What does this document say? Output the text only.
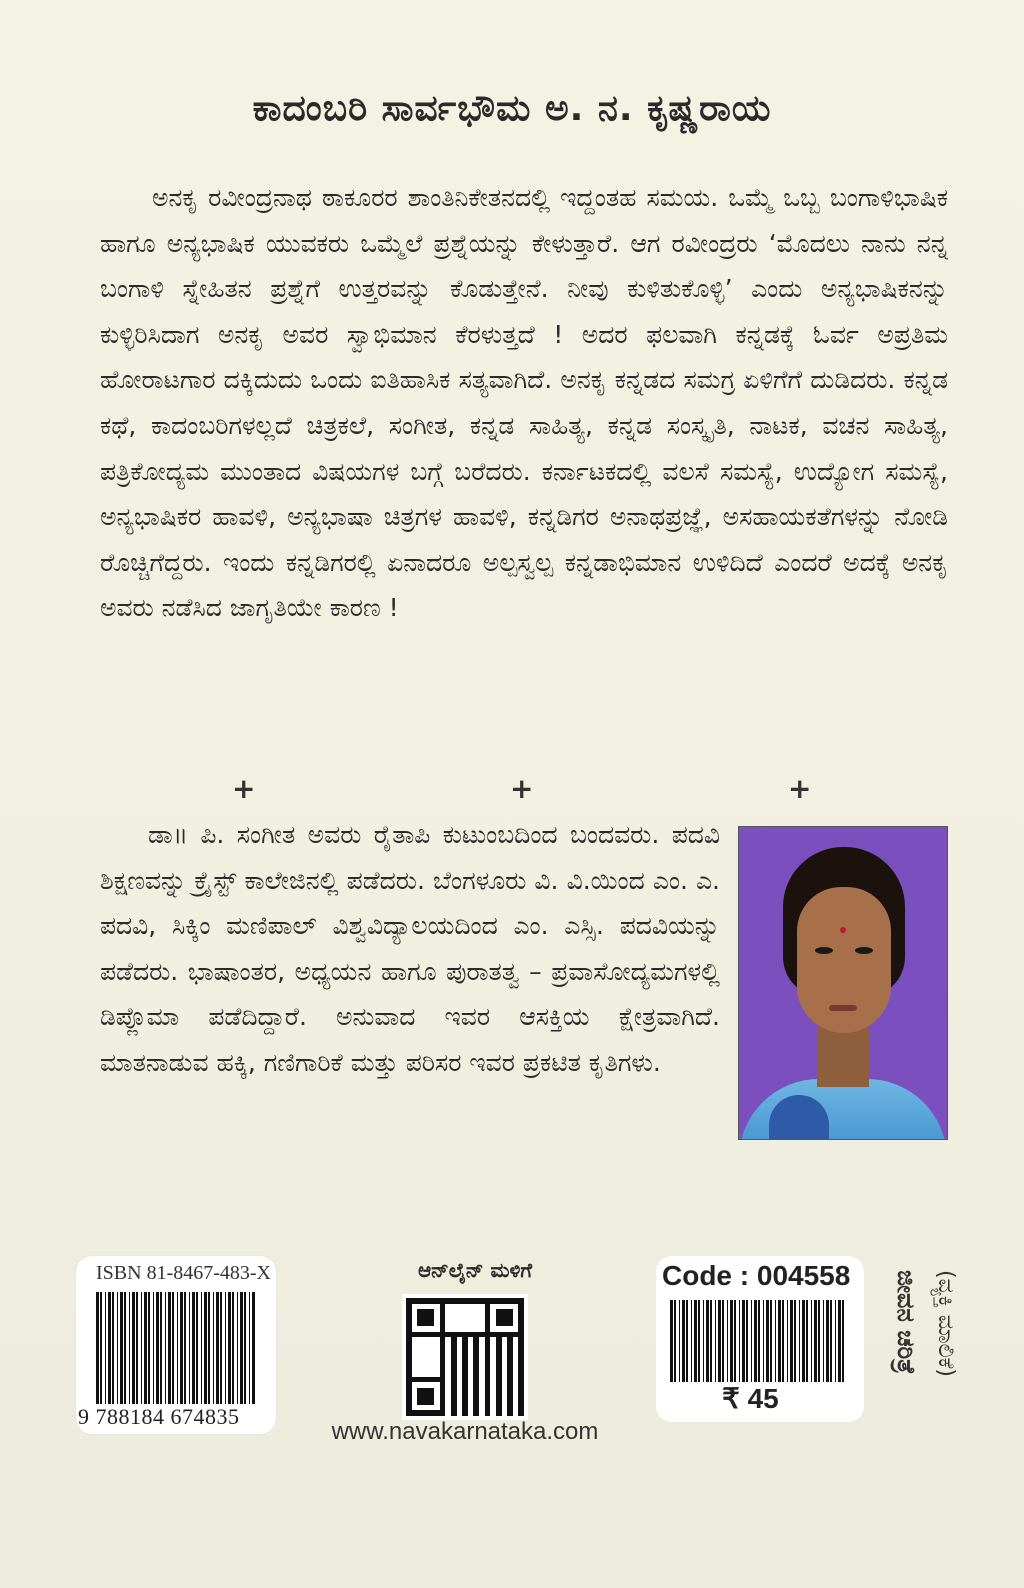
ಕಾದಂಬರಿ ಸಾರ್ವಭೌಮ ಅ. ನ. ಕೃಷ್ಣರಾಯ

ಅನಕೃ ರವೀಂದ್ರನಾಥ ಠಾಕೂರರ ಶಾಂತಿನಿಕೇತನದಲ್ಲಿ ಇದ್ದಂತಹ ಸಮಯ. ಒಮ್ಮೆ ಒಬ್ಬ ಬಂಗಾಳಿಭಾಷಿಕ ಹಾಗೂ ಅನ್ಯಭಾಷಿಕ ಯುವಕರು ಒಮ್ಮೆಲೆ ಪ್ರಶ್ನೆಯನ್ನು ಕೇಳುತ್ತಾರೆ. ಆಗ ರವೀಂದ್ರರು ‘ಮೊದಲು ನಾನು ನನ್ನ ಬಂಗಾಳಿ ಸ್ನೇಹಿತನ ಪ್ರಶ್ನೆಗೆ ಉತ್ತರವನ್ನು ಕೊಡುತ್ತೇನೆ. ನೀವು ಕುಳಿತುಕೊಳ್ಳಿ’ ಎಂದು ಅನ್ಯಭಾಷಿಕನನ್ನು ಕುಳ್ಳಿರಿಸಿದಾಗ ಅನಕೃ ಅವರ ಸ್ವಾಭಿಮಾನ ಕೆರಳುತ್ತದೆ ! ಅದರ ಫಲವಾಗಿ ಕನ್ನಡಕ್ಕೆ ಓರ್ವ ಅಪ್ರತಿಮ ಹೋರಾಟಗಾರ ದಕ್ಕಿದುದು ಒಂದು ಐತಿಹಾಸಿಕ ಸತ್ಯವಾಗಿದೆ. ಅನಕೃ ಕನ್ನಡದ ಸಮಗ್ರ ಏಳಿಗೆಗೆ ದುಡಿದರು. ಕನ್ನಡ ಕಥೆ, ಕಾದಂಬರಿಗಳಲ್ಲದೆ ಚಿತ್ರಕಲೆ, ಸಂಗೀತ, ಕನ್ನಡ ಸಾಹಿತ್ಯ, ಕನ್ನಡ ಸಂಸ್ಕೃತಿ, ನಾಟಕ, ವಚನ ಸಾಹಿತ್ಯ, ಪತ್ರಿಕೋದ್ಯಮ ಮುಂತಾದ ವಿಷಯಗಳ ಬಗ್ಗೆ ಬರೆದರು. ಕರ್ನಾಟಕದಲ್ಲಿ ವಲಸೆ ಸಮಸ್ಯೆ, ಉದ್ಯೋಗ ಸಮಸ್ಯೆ, ಅನ್ಯಭಾಷಿಕರ ಹಾವಳಿ, ಅನ್ಯಭಾಷಾ ಚಿತ್ರಗಳ ಹಾವಳಿ, ಕನ್ನಡಿಗರ ಅನಾಥಪ್ರಜ್ಞೆ, ಅಸಹಾಯಕತೆಗಳನ್ನು ನೋಡಿ ರೊಚ್ಚಿಗೆದ್ದರು. ಇಂದು ಕನ್ನಡಿಗರಲ್ಲಿ ಏನಾದರೂ ಅಲ್ಪಸ್ವಲ್ಪ ಕನ್ನಡಾಭಿಮಾನ ಉಳಿದಿದೆ ಎಂದರೆ ಅದಕ್ಕೆ ಅನಕೃ ಅವರು ನಡೆಸಿದ ಜಾಗೃತಿಯೇ ಕಾರಣ !

+	+	+

ಡಾ॥ ಪಿ. ಸಂಗೀತ ಅವರು ರೈತಾಪಿ ಕುಟುಂಬದಿಂದ ಬಂದವರು. ಪದವಿ ಶಿಕ್ಷಣವನ್ನು ಕ್ರೈಸ್ಟ್ ಕಾಲೇಜಿನಲ್ಲಿ ಪಡೆದರು. ಬೆಂಗಳೂರು ವಿ. ವಿ.ಯಿಂದ ಎಂ. ಎ. ಪದವಿ, ಸಿಕ್ಕಿಂ ಮಣಿಪಾಲ್ ವಿಶ್ವವಿದ್ಯಾಲಯದಿಂದ ಎಂ. ಎಸ್ಸಿ. ಪದವಿಯನ್ನು ಪಡೆದರು. ಭಾಷಾಂತರ, ಅಧ್ಯಯನ ಹಾಗೂ ಪುರಾತತ್ವ – ಪ್ರವಾಸೋದ್ಯಮಗಳಲ್ಲಿ ಡಿಪ್ಲೊಮಾ ಪಡೆದಿದ್ದಾರೆ. ಅನುವಾದ ಇವರ ಆಸಕ್ತಿಯ ಕ್ಷೇತ್ರವಾಗಿದೆ. ಮಾತನಾಡುವ ಹಕ್ಕಿ, ಗಣಿಗಾರಿಕೆ ಮತ್ತು ಪರಿಸರ ಇವರ ಪ್ರಕಟಿತ ಕೃತಿಗಳು.

ISBN 81-8467-483-X
9 788184 674835
ಆನ್‌ಲೈನ್ ಮಳಿಗೆ
www.navakarnataka.com
Code : 004558
₹ 45
ಜೀವನ ಚರಿತ್ರೆ (ವ್ಯಕ್ತಿ ಮಾಲಿಕೆ)
